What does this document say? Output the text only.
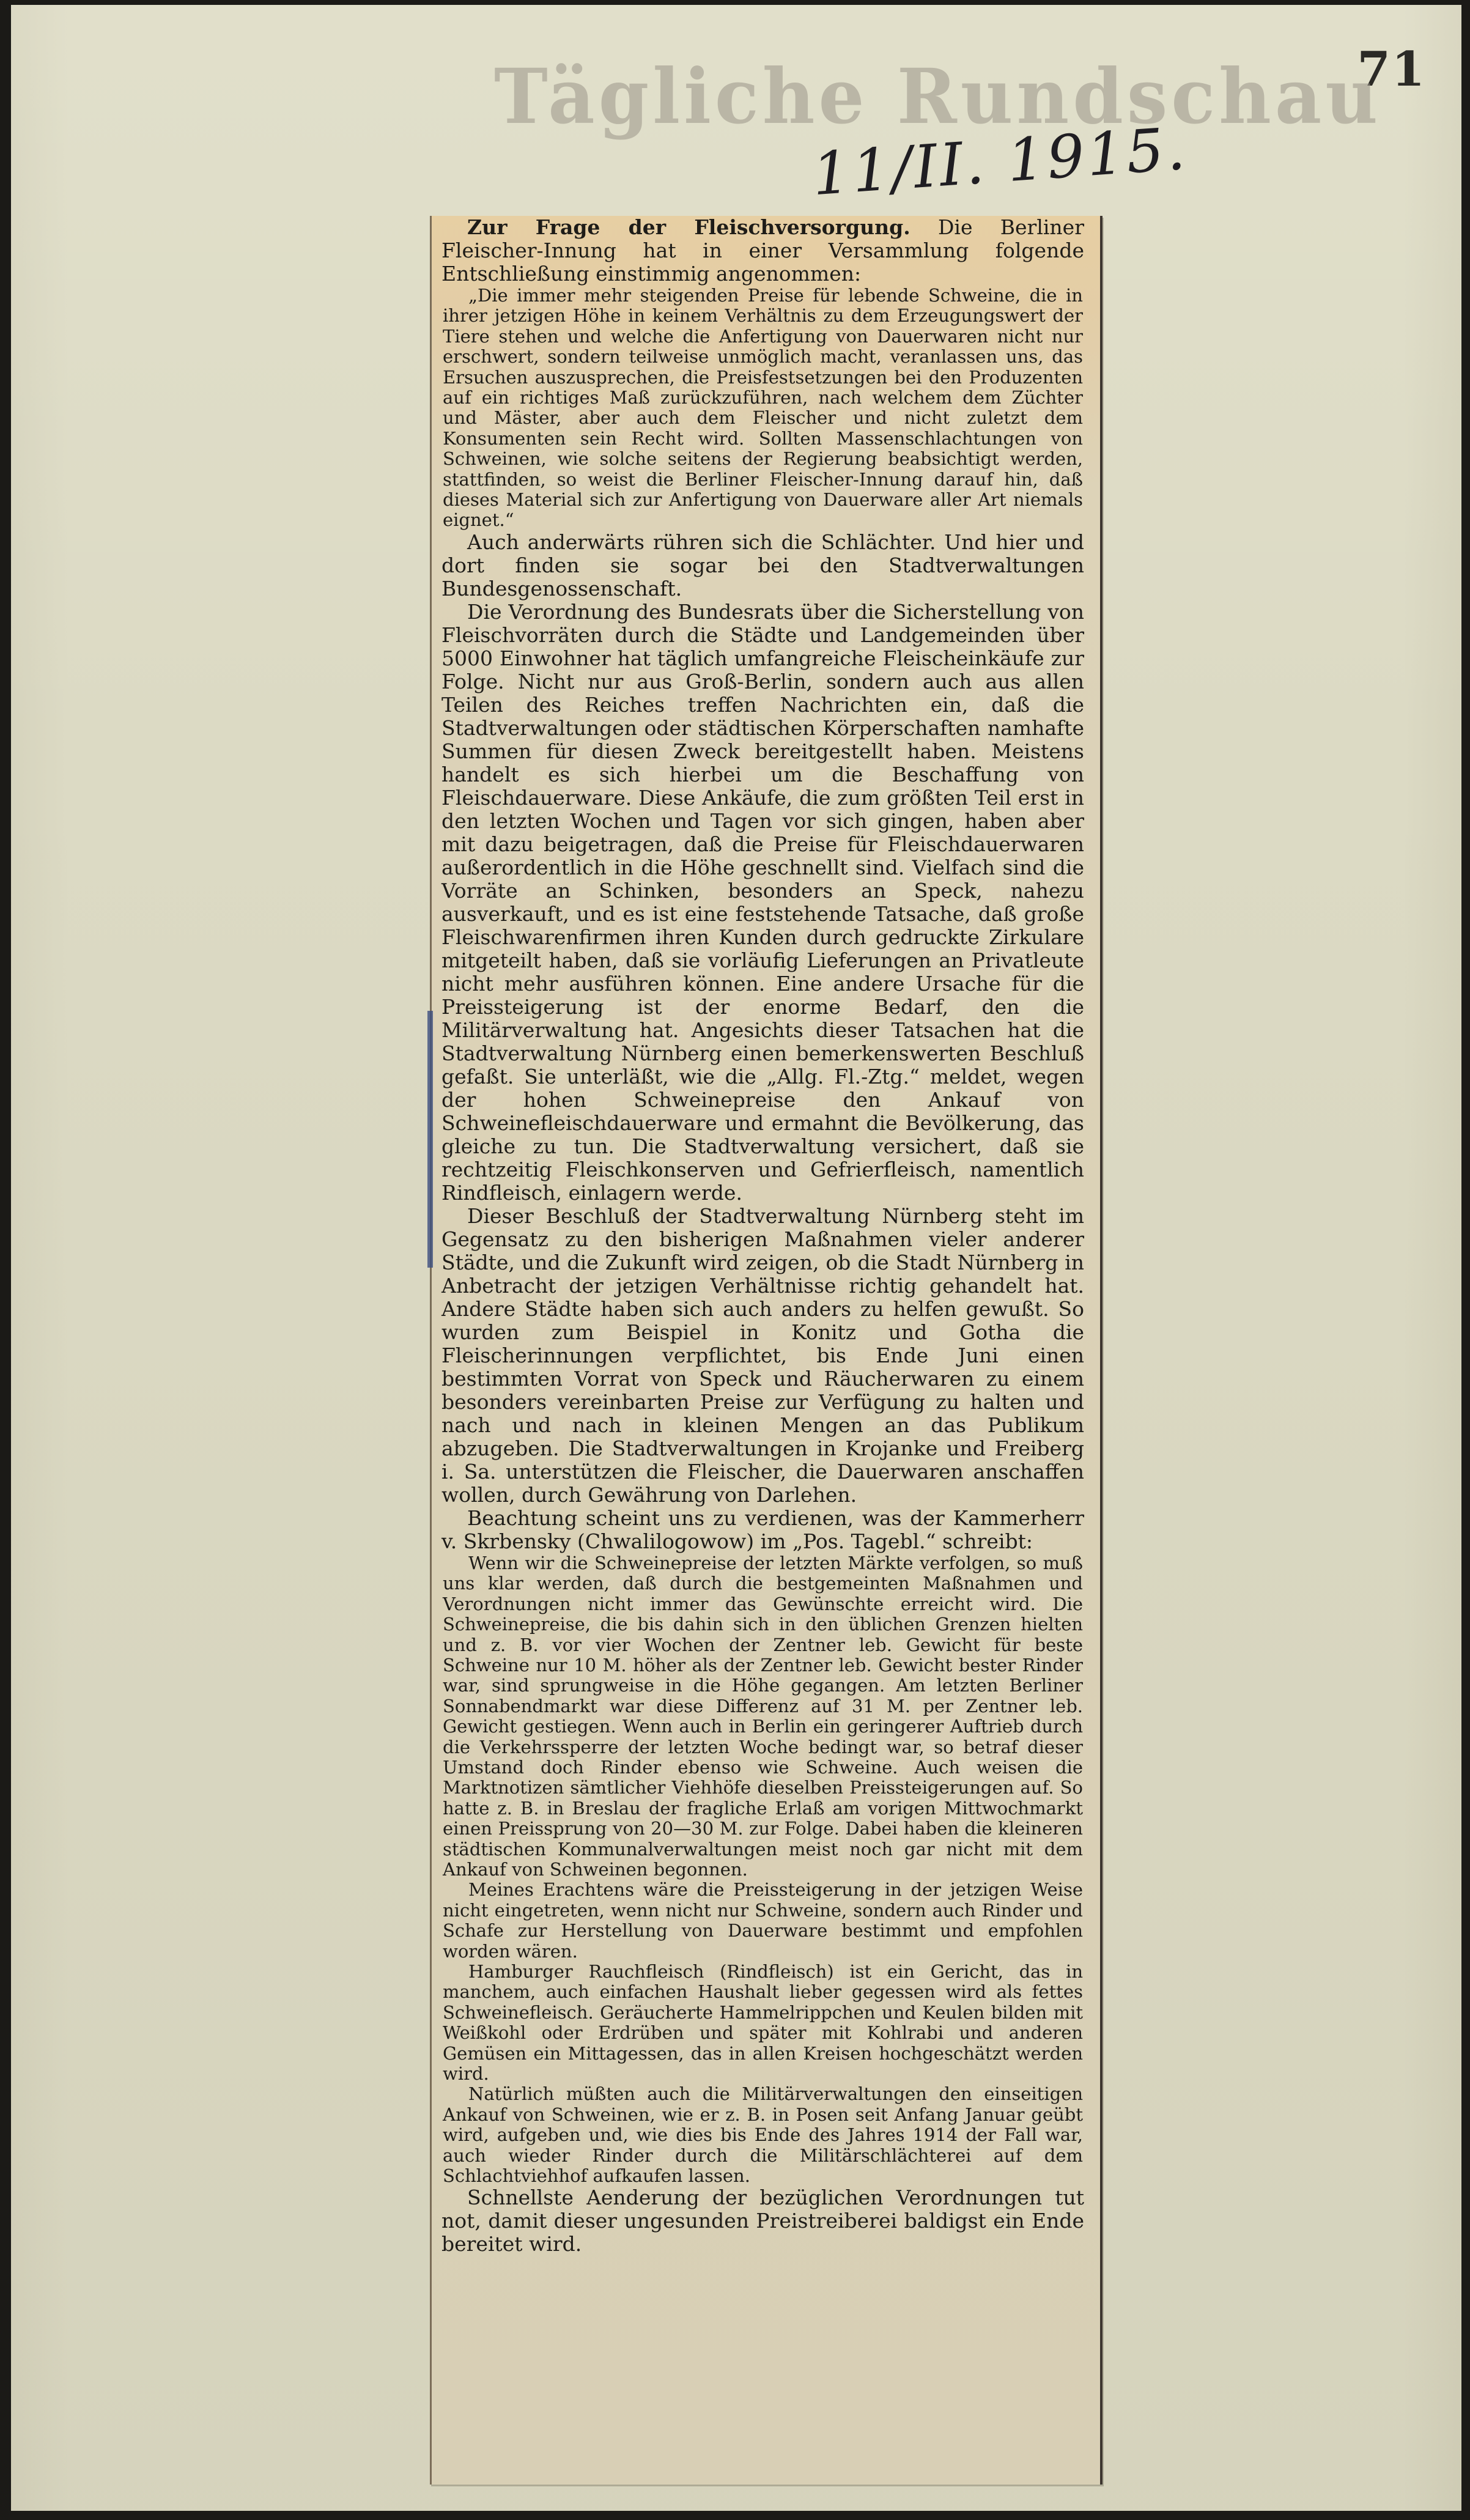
71
Tägliche Rundschau
11/II. 1915.

Zur Frage der Fleischversorgung. Die Berliner Fleischer-Innung hat in einer Versammlung folgende Entschließung einstimmig angenommen:

„Die immer mehr steigenden Preise für lebende Schweine, die in ihrer jetzigen Höhe in keinem Verhältnis zu dem Erzeugungswert der Tiere stehen und welche die Anfertigung von Dauerwaren nicht nur erschwert, sondern teilweise unmöglich macht, veranlassen uns, das Ersuchen auszusprechen, die Preisfestsetzungen bei den Produzenten auf ein richtiges Maß zurückzuführen, nach welchem dem Züchter und Mäster, aber auch dem Fleischer und nicht zuletzt dem Konsumenten sein Recht wird. Sollten Massenschlachtungen von Schweinen, wie solche seitens der Regierung beabsichtigt werden, stattfinden, so weist die Berliner Fleischer-Innung darauf hin, daß dieses Material sich zur Anfertigung von Dauerware aller Art niemals eignet.“

Auch anderwärts rühren sich die Schlächter. Und hier und dort finden sie sogar bei den Stadtverwaltungen Bundesgenossenschaft.

Die Verordnung des Bundesrats über die Sicherstellung von Fleischvorräten durch die Städte und Landgemeinden über 5000 Einwohner hat täglich umfangreiche Fleischeinkäufe zur Folge. Nicht nur aus Groß-Berlin, sondern auch aus allen Teilen des Reiches treffen Nachrichten ein, daß die Stadtverwaltungen oder städtischen Körperschaften namhafte Summen für diesen Zweck bereitgestellt haben. Meistens handelt es sich hierbei um die Beschaffung von Fleischdauerware. Diese Ankäufe, die zum größten Teil erst in den letzten Wochen und Tagen vor sich gingen, haben aber mit dazu beigetragen, daß die Preise für Fleischdauerwaren außerordentlich in die Höhe geschnellt sind. Vielfach sind die Vorräte an Schinken, besonders an Speck, nahezu ausverkauft, und es ist eine feststehende Tatsache, daß große Fleischwarenfirmen ihren Kunden durch gedruckte Zirkulare mitgeteilt haben, daß sie vorläufig Lieferungen an Privatleute nicht mehr ausführen können. Eine andere Ursache für die Preissteigerung ist der enorme Bedarf, den die Militärverwaltung hat. Angesichts dieser Tatsachen hat die Stadtverwaltung Nürnberg einen bemerkenswerten Beschluß gefaßt. Sie unterläßt, wie die „Allg. Fl.-Ztg.“ meldet, wegen der hohen Schweinepreise den Ankauf von Schweinefleischdauerware und ermahnt die Bevölkerung, das gleiche zu tun. Die Stadtverwaltung versichert, daß sie rechtzeitig Fleischkonserven und Gefrierfleisch, namentlich Rindfleisch, einlagern werde.

Dieser Beschluß der Stadtverwaltung Nürnberg steht im Gegensatz zu den bisherigen Maßnahmen vieler anderer Städte, und die Zukunft wird zeigen, ob die Stadt Nürnberg in Anbetracht der jetzigen Verhältnisse richtig gehandelt hat. Andere Städte haben sich auch anders zu helfen gewußt. So wurden zum Beispiel in Konitz und Gotha die Fleischerinnungen verpflichtet, bis Ende Juni einen bestimmten Vorrat von Speck und Räucherwaren zu einem besonders vereinbarten Preise zur Verfügung zu halten und nach und nach in kleinen Mengen an das Publikum abzugeben. Die Stadtverwaltungen in Krojanke und Freiberg i. Sa. unterstützen die Fleischer, die Dauerwaren anschaffen wollen, durch Gewährung von Darlehen.

Beachtung scheint uns zu verdienen, was der Kammerherr v. Skrbensky (Chwalilogowow) im „Pos. Tagebl.“ schreibt:

Wenn wir die Schweinepreise der letzten Märkte verfolgen, so muß uns klar werden, daß durch die bestgemeinten Maßnahmen und Verordnungen nicht immer das Gewünschte erreicht wird. Die Schweinepreise, die bis dahin sich in den üblichen Grenzen hielten und z. B. vor vier Wochen der Zentner leb. Gewicht für beste Schweine nur 10 M. höher als der Zentner leb. Gewicht bester Rinder war, sind sprungweise in die Höhe gegangen. Am letzten Berliner Sonnabendmarkt war diese Differenz auf 31 M. per Zentner leb. Gewicht gestiegen. Wenn auch in Berlin ein geringerer Auftrieb durch die Verkehrssperre der letzten Woche bedingt war, so betraf dieser Umstand doch Rinder ebenso wie Schweine. Auch weisen die Marktnotizen sämtlicher Viehhöfe dieselben Preissteigerungen auf. So hatte z. B. in Breslau der fragliche Erlaß am vorigen Mittwochmarkt einen Preissprung von 20—30 M. zur Folge. Dabei haben die kleineren städtischen Kommunalverwaltungen meist noch gar nicht mit dem Ankauf von Schweinen begonnen.

Meines Erachtens wäre die Preissteigerung in der jetzigen Weise nicht eingetreten, wenn nicht nur Schweine, sondern auch Rinder und Schafe zur Herstellung von Dauerware bestimmt und empfohlen worden wären.

Hamburger Rauchfleisch (Rindfleisch) ist ein Gericht, das in manchem, auch einfachen Haushalt lieber gegessen wird als fettes Schweinefleisch. Geräucherte Hammelrippchen und Keulen bilden mit Weißkohl oder Erdrüben und später mit Kohlrabi und anderen Gemüsen ein Mittagessen, das in allen Kreisen hochgeschätzt werden wird.

Natürlich müßten auch die Militärverwaltungen den einseitigen Ankauf von Schweinen, wie er z. B. in Posen seit Anfang Januar geübt wird, aufgeben und, wie dies bis Ende des Jahres 1914 der Fall war, auch wieder Rinder durch die Militärschlächterei auf dem Schlachtviehhof aufkaufen lassen.

Schnellste Aenderung der bezüglichen Verordnungen tut not, damit dieser ungesunden Preistreiberei baldigst ein Ende bereitet wird.
